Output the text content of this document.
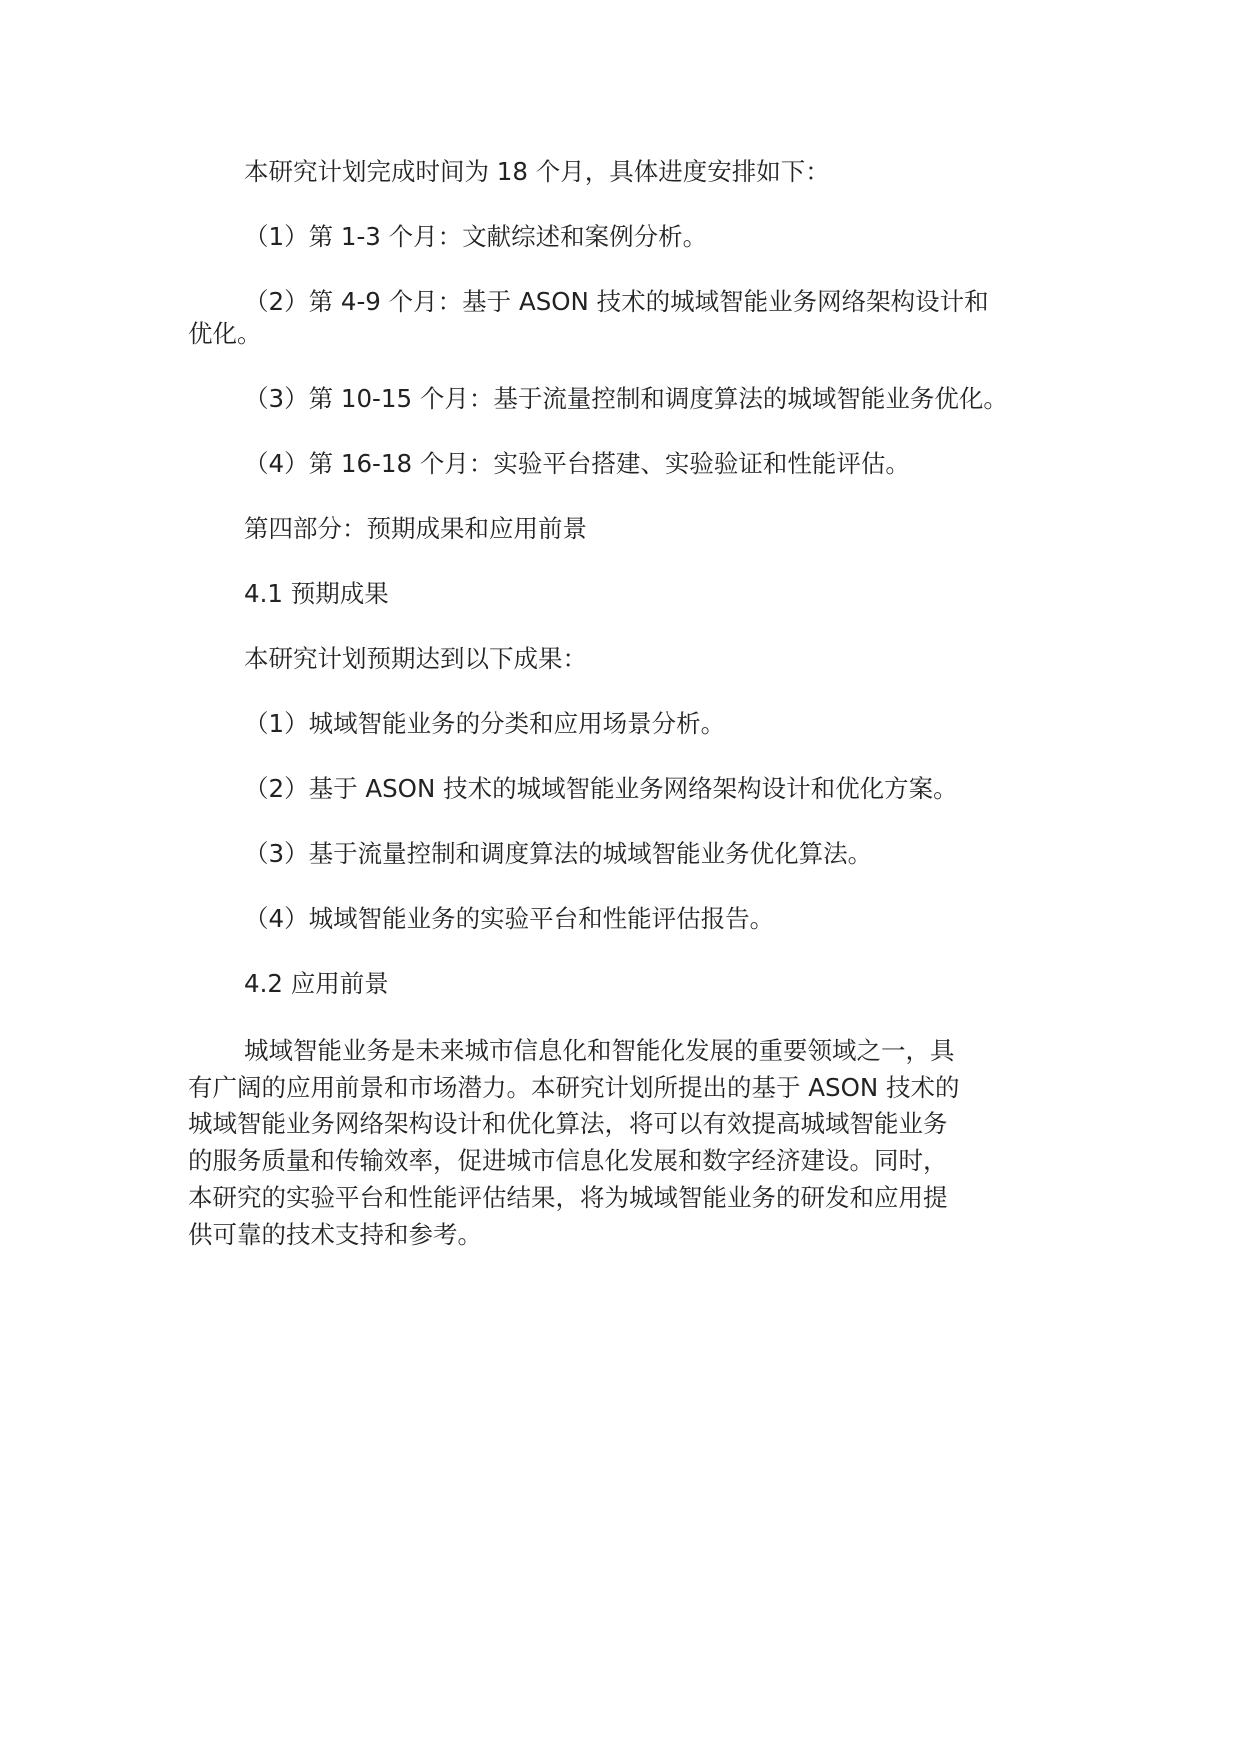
本研究计划完成时间为 18 个月，具体进度安排如下：

（1）第 1-3 个月：文献综述和案例分析。

（2）第 4-9 个月：基于 ASON 技术的城域智能业务网络架构设计和

优化。

（3）第 10-15 个月：基于流量控制和调度算法的城域智能业务优化。

（4）第 16-18 个月：实验平台搭建、实验验证和性能评估。

第四部分：预期成果和应用前景

4.1 预期成果

本研究计划预期达到以下成果：

（1）城域智能业务的分类和应用场景分析。

（2）基于 ASON 技术的城域智能业务网络架构设计和优化方案。

（3）基于流量控制和调度算法的城域智能业务优化算法。

（4）城域智能业务的实验平台和性能评估报告。

4.2 应用前景

城域智能业务是未来城市信息化和智能化发展的重要领域之一，具
有广阔的应用前景和市场潜力。本研究计划所提出的基于 ASON 技术的
城域智能业务网络架构设计和优化算法，将可以有效提高城域智能业务
的服务质量和传输效率，促进城市信息化发展和数字经济建设。同时，
本研究的实验平台和性能评估结果，将为城域智能业务的研发和应用提
供可靠的技术支持和参考。
